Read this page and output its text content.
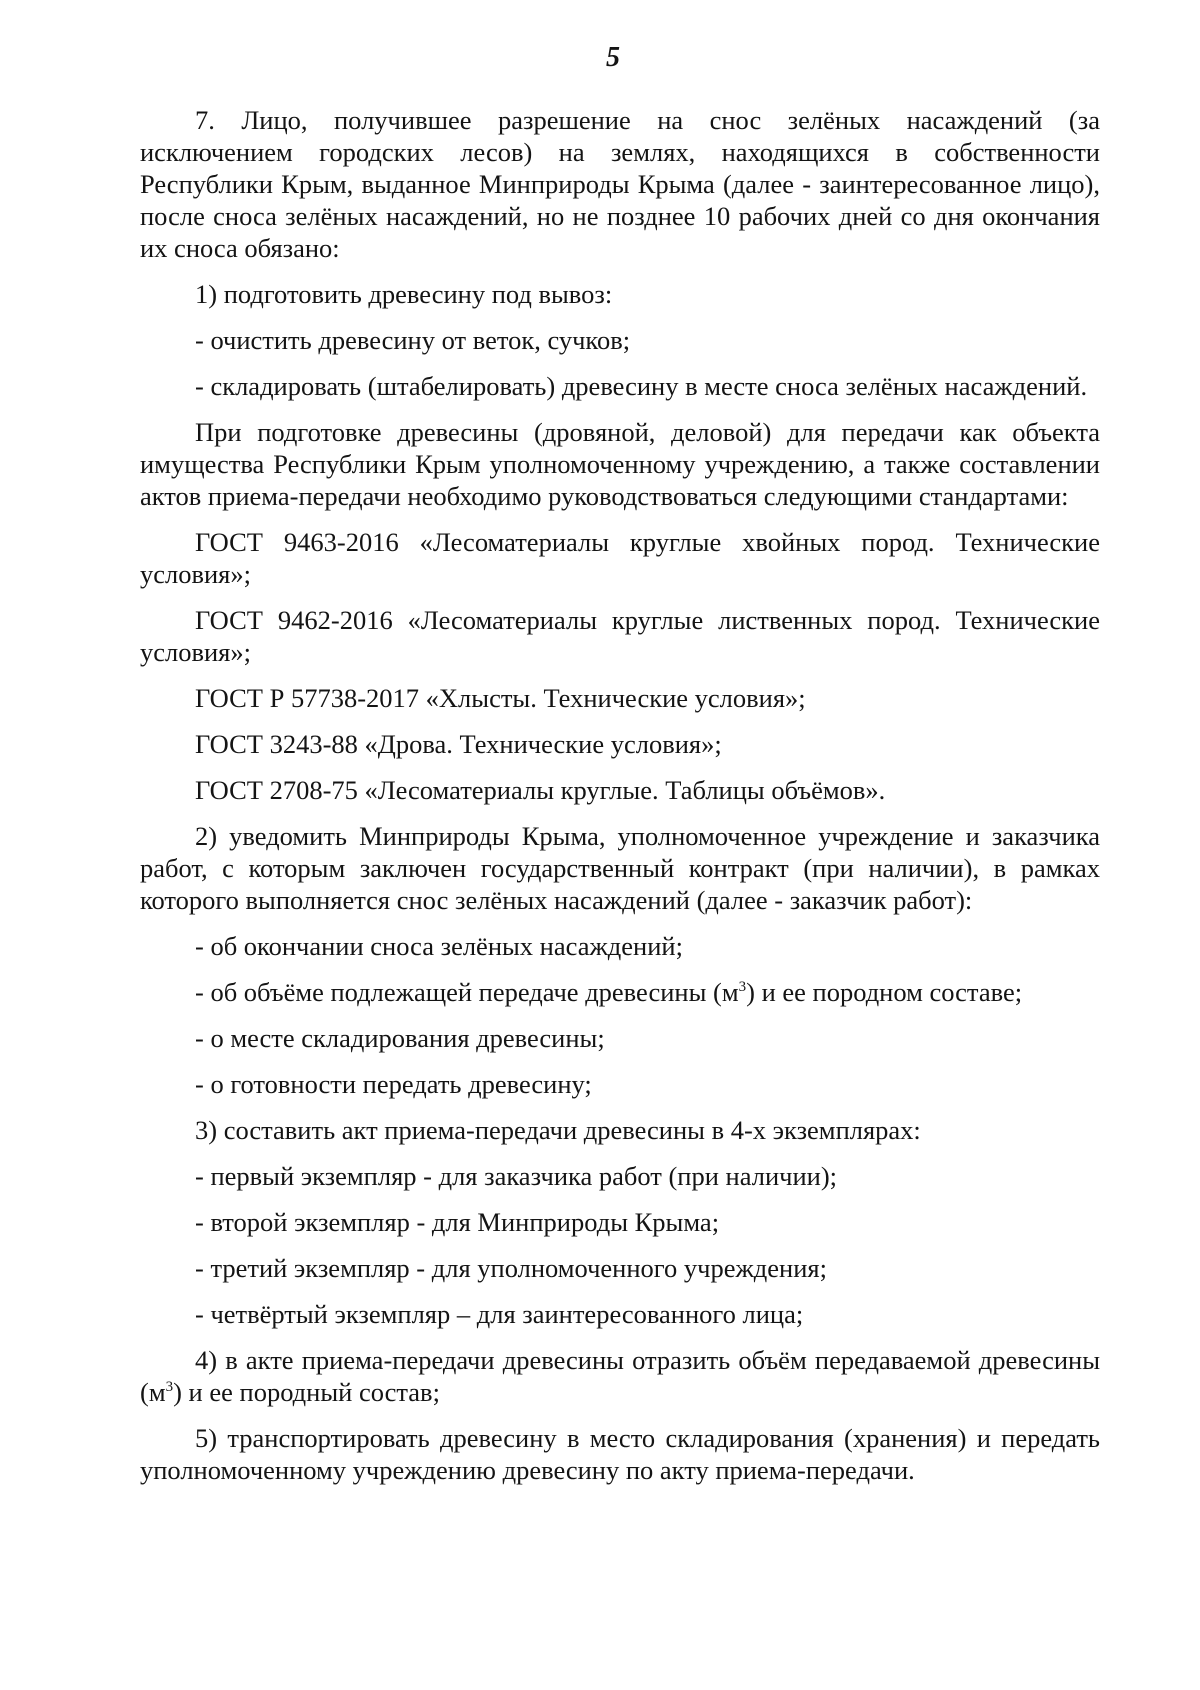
5

7. Лицо, получившее разрешение на снос зелёных насаждений (за исключением городских лесов) на землях, находящихся в собственности Республики Крым, выданное Минприроды Крыма (далее - заинтересованное лицо), после сноса зелёных насаждений, но не позднее 10 рабочих дней со дня окончания их сноса обязано:

1) подготовить древесину под вывоз:

- очистить древесину от веток, сучков;

- складировать (штабелировать) древесину в месте сноса зелёных насаждений.

При подготовке древесины (дровяной, деловой) для передачи как объекта имущества Республики Крым уполномоченному учреждению, а также составлении актов приема-передачи необходимо руководствоваться следующими стандартами:

ГОСТ 9463-2016 «Лесоматериалы круглые хвойных пород. Технические условия»;

ГОСТ 9462-2016 «Лесоматериалы круглые лиственных пород. Технические условия»;

ГОСТ Р 57738-2017 «Хлысты. Технические условия»;

ГОСТ 3243-88 «Дрова. Технические условия»;

ГОСТ 2708-75 «Лесоматериалы круглые. Таблицы объёмов».

2) уведомить Минприроды Крыма, уполномоченное учреждение и заказчика работ, с которым заключен государственный контракт (при наличии), в рамках которого выполняется снос зелёных насаждений (далее - заказчик работ):

- об окончании сноса зелёных насаждений;

- об объёме подлежащей передаче древесины $(м^3)$ и ее породном составе;

- о месте складирования древесины;

- о готовности передать древесину;

3) составить акт приема-передачи древесины в 4-х экземплярах:

- первый экземпляр - для заказчика работ (при наличии);

- второй экземпляр - для Минприроды Крыма;

- третий экземпляр - для уполномоченного учреждения;

- четвёртый экземпляр – для заинтересованного лица;

4) в акте приема-передачи древесины отразить объём передаваемой древесины $(м^3)$ и ее породный состав;

5) транспортировать древесину в место складирования (хранения) и передать уполномоченному учреждению древесину по акту приема-передачи.
